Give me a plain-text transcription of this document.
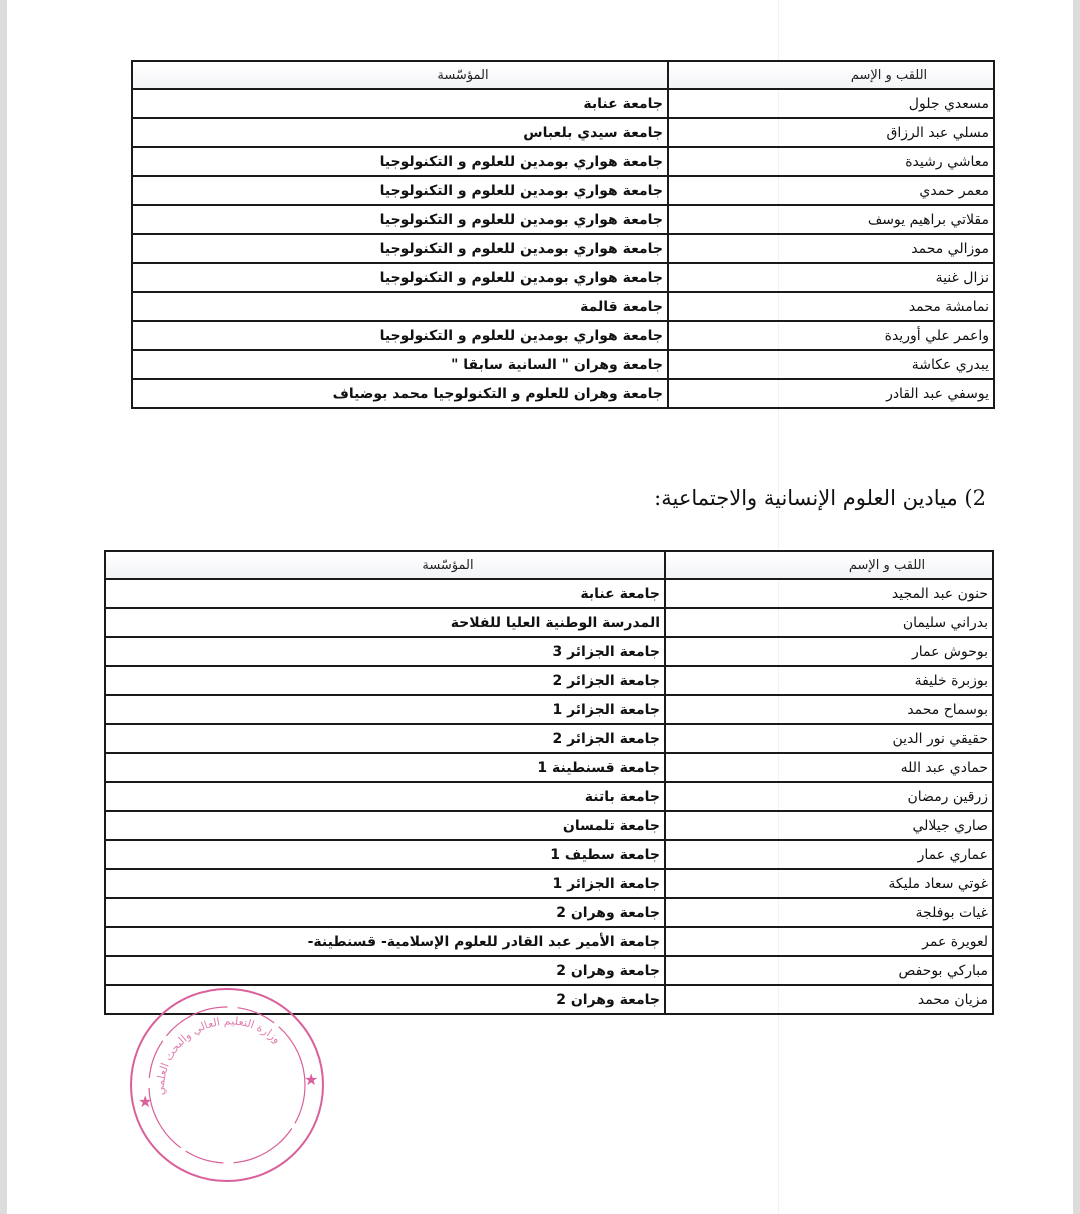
اللقب و الإسم	المؤسّسة
مسعدي جلول	جامعة عنابة
مسلي عبد الرزاق	جامعة سيدي بلعباس
معاشي رشيدة	جامعة هواري بومدين للعلوم و التكنولوجيا
معمر حمدي	جامعة هواري بومدين للعلوم و التكنولوجيا
مقلاتي براهيم يوسف	جامعة هواري بومدين للعلوم و التكنولوجيا
موزالي محمد	جامعة هواري بومدين للعلوم و التكنولوجيا
نزال غنية	جامعة هواري بومدين للعلوم و التكنولوجيا
نمامشة محمد	جامعة قالمة
واعمر علي أوريدة	جامعة هواري بومدين للعلوم و التكنولوجيا
يبدري عكاشة	جامعة وهران " السانية سابقا "
يوسفي عبد القادر	جامعة وهران للعلوم و التكنولوجيا محمد بوضياف
2) ميادين العلوم الإنسانية والاجتماعية:
اللقب و الإسم	المؤسّسة
حنون عبد المجيد	جامعة عنابة
بدراني سليمان	المدرسة الوطنية العليا للفلاحة
بوحوش عمار	جامعة الجزائر 3
بوزبرة خليفة	جامعة الجزائر 2
بوسماح محمد	جامعة الجزائر 1
حقيقي نور الدين	جامعة الجزائر 2
حمادي عبد الله	جامعة قسنطينة 1
زرقين رمضان	جامعة باتنة
صاري جيلالي	جامعة تلمسان
عماري عمار	جامعة سطيف 1
غوتي سعاد مليكة	جامعة الجزائر 1
غيات بوفلجة	جامعة وهران 2
لعويرة عمر	جامعة الأمير عبد القادر للعلوم الإسلامية- قسنطينة-
مباركي بوحفص	جامعة وهران 2
مزيان محمد	جامعة وهران 2
★
★
وزارة التعليم العالي والبحث العلمي
